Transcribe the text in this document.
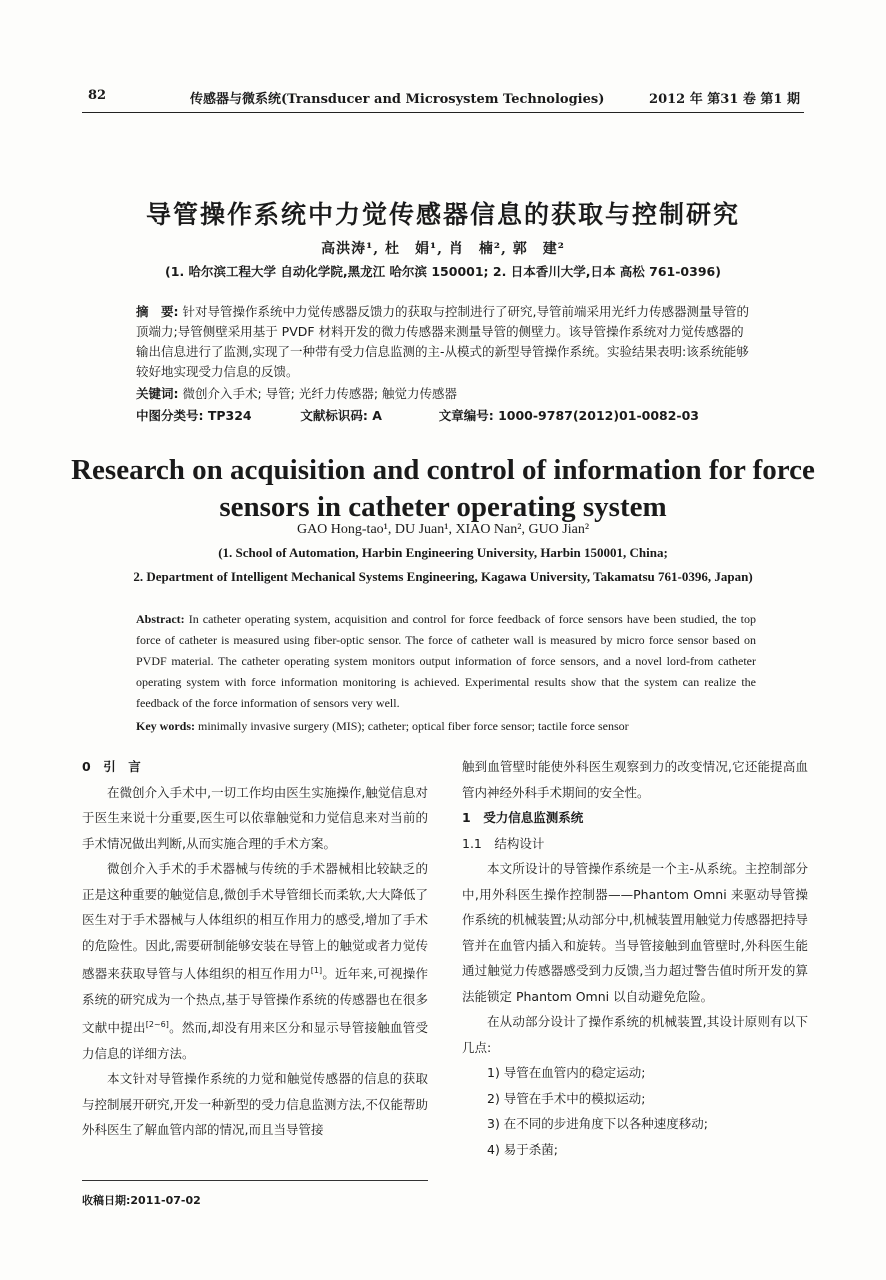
82	传感器与微系统(Transducer and Microsystem Technologies)	2012 年 第31 卷 第1 期
导管操作系统中力觉传感器信息的获取与控制研究
高洪涛¹, 杜　娟¹, 肖　楠², 郭　建²
(1. 哈尔滨工程大学 自动化学院,黑龙江 哈尔滨 150001; 2. 日本香川大学,日本 高松 761-0396)
摘　要: 针对导管操作系统中力觉传感器反馈力的获取与控制进行了研究,导管前端采用光纤力传感器测量导管的顶端力;导管侧壁采用基于 PVDF 材料开发的微力传感器来测量导管的侧壁力。该导管操作系统对力觉传感器的输出信息进行了监测,实现了一种带有受力信息监测的主-从模式的新型导管操作系统。实验结果表明:该系统能够较好地实现受力信息的反馈。
关键词: 微创介入手术; 导管; 光纤力传感器; 触觉力传感器
中图分类号: TP324	文献标识码: A	文章编号: 1000-9787(2012)01-0082-03
Research on acquisition and control of information for force
sensors in catheter operating system
GAO Hong-tao¹, DU Juan¹, XIAO Nan², GUO Jian²
(1. School of Automation, Harbin Engineering University, Harbin 150001, China;
2. Department of Intelligent Mechanical Systems Engineering, Kagawa University, Takamatsu 761-0396, Japan)
Abstract: In catheter operating system, acquisition and control for force feedback of force sensors have been studied, the top force of catheter is measured using fiber-optic sensor. The force of catheter wall is measured by micro force sensor based on PVDF material. The catheter operating system monitors output information of force sensors, and a novel lord-from catheter operating system with force information monitoring is achieved. Experimental results show that the system can realize the feedback of the force information of sensors very well.
Key words: minimally invasive surgery (MIS); catheter; optical fiber force sensor; tactile force sensor

0　引　言

在微创介入手术中,一切工作均由医生实施操作,触觉信息对于医生来说十分重要,医生可以依靠触觉和力觉信息来对当前的手术情况做出判断,从而实施合理的手术方案。

微创介入手术的手术器械与传统的手术器械相比较缺乏的正是这种重要的触觉信息,微创手术导管细长而柔软,大大降低了医生对于手术器械与人体组织的相互作用力的感受,增加了手术的危险性。因此,需要研制能够安装在导管上的触觉或者力觉传感器来获取导管与人体组织的相互作用力[1]。近年来,可视操作系统的研究成为一个热点,基于导管操作系统的传感器也在很多文献中提出[2~6]。然而,却没有用来区分和显示导管接触血管受力信息的详细方法。

本文针对导管操作系统的力觉和触觉传感器的信息的获取与控制展开研究,开发一种新型的受力信息监测方法,不仅能帮助外科医生了解血管内部的情况,而且当导管接

触到血管壁时能使外科医生观察到力的改变情况,它还能提高血管内神经外科手术期间的安全性。

1　受力信息监测系统

1.1　结构设计

本文所设计的导管操作系统是一个主-从系统。主控制部分中,用外科医生操作控制器——Phantom Omni 来驱动导管操作系统的机械装置;从动部分中,机械装置用触觉力传感器把持导管并在血管内插入和旋转。当导管接触到血管壁时,外科医生能通过触觉力传感器感受到力反馈,当力超过警告值时所开发的算法能锁定 Phantom Omni 以自动避免危险。

在从动部分设计了操作系统的机械装置,其设计原则有以下几点:

1) 导管在血管内的稳定运动;

2) 导管在手术中的模拟运动;

3) 在不同的步进角度下以各种速度移动;

4) 易于杀菌;

收稿日期:2011-07-02
